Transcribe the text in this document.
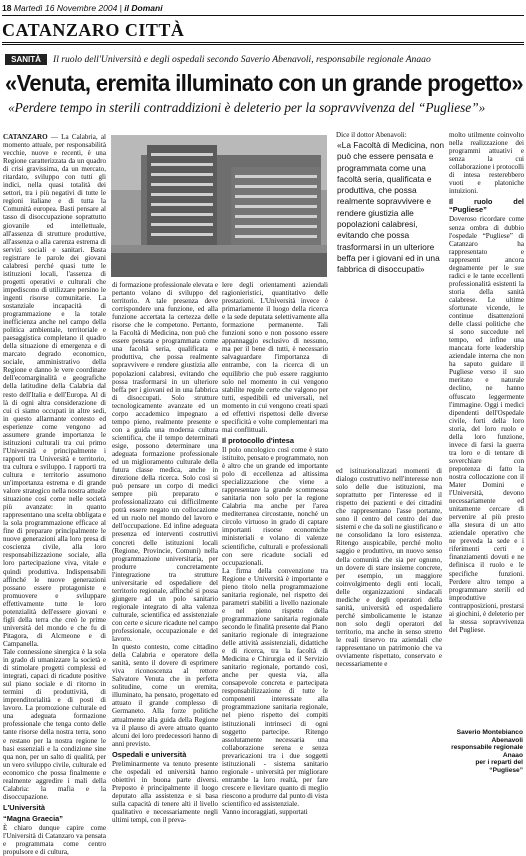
18 Martedì 16 Novembre 2004 | il Domani
CATANZARO CITTÀ
SANITÀ	Il ruolo dell'Università e degli ospedali secondo Saverio Abenavoli, responsabile regionale Anaao
«Venuta, eremita illuminato con un grande progetto»
«Perdere tempo in sterili contraddizioni è deleterio per la sopravvivenza del “Pugliese”»

CATANZARO — La Calabria, al momento attuale, per responsabilità vecchie, nuove e recenti, è una Regione caratterizzata da un quadro di crisi gravissima, da un mercato, ritardato, sviluppo con tutti gli indici, nella quasi totalità dei settori, tra i più negativi di tutte le regioni italiane e di tutta la Comunità europea. Basti pensare al tasso di disoccupazione soprattutto giovanile ed intellettuale, all'assenza di strutture produttive, all'assenza o alla carenza estrema di servizi sociali e sanitari. Basta registrare le parole dei giovani calabresi perché quasi tutte le istituzioni locali, l'assenza di progetti operativi e culturali che impediscono di utilizzare persino le ingenti risorse comunitarie. La sostanziale incapacità di programmazione e la totale inefficienza anche nel campo della politica ambientale, territoriale e paesaggistica completano il quadro della situazione di emergenza e di marcato degrado economico, sociale, amministrativo della Regione e danno le vere coordinate dell'ecomarginalità e geografiche della latitudine della Calabria dal resto dell'Italia e dell'Europa. Al di là di ogni altra considerazione di cui ci siamo occupati in altre sedi, in questo allarmante contesto ed esperienze come vengono ad assumere grande importanza le istituzioni culturali tra cui primo l'Università e principalmente i rapporti tra Università e territorio, tra cultura e sviluppo. I rapporti tra cultura e territorio assumono un'importanza estrema e di grande valore strategico nella nostra attuale situazione così come nelle società più avanzate: in quanto rappresentano una scelta obbligata e la sola programmazione efficace al fine di preparare principalmente le nuove generazioni alla loro presa di coscienza civile, alla loro responsabilizzazione sociale, alla loro partecipazione viva, vitale e quindi produttiva. Indispensabili affinché le nuove generazioni possano essere protagoniste e promuovere e sviluppare effettivamente tutte le loro potenzialità dell'essere giovani e figli della terra che creò le prime università del mondo e che fu di Pitagora, di Alcmeone e di Campanella.

Tale connessione sinergica è la sola in grado di umanizzare la società e di stimolare progetti complessi ed integrati, capaci di ricadute positive sul piano sociale e di ritorno in termini di produttività, di imprenditorialità e di posti di lavoro. La promozione culturale ed una adeguata formazione professionale che tenga conto delle tante risorse della nostra terra, sono e restano per la nostra regione le basi essenziali e la condizione sine qua non, per un salto di qualità, per un vero sviluppo civile, culturale ed economico che possa finalmente e realmente aggredire i mali della Calabria: la mafia e la disoccupazione.

L'Università

“Magna Graecia”

È chiaro dunque capire come l'Università di Catanzaro va pensata e programmata come centro propulsore e di cultura,

di formazione professionale elevata e pertanto volano di sviluppo del territorio. A tale presenza deve corrispondere una funzione, ed alla funzione accertata la certezza delle risorse che le competono. Pertanto, la Facoltà di Medicina, non può che essere pensata e programmata come una facoltà seria, qualificata e produttiva, che possa realmente sopravvivere e rendere giustizia alle popolazioni calabresi, evitando che possa trasformarsi in un ulteriore beffa per i giovani ed in una fabbrica di disoccupati. Solo strutture tecnologicamente avanzate ed un corpo accademico impegnato a tempo pieno, realmente presente e con a guida una moderna cultura scientifica, che il tempo determinati esige, possono determinare una adeguata formazione professionale ed un miglioramento culturale della futura classe medica, anche in direzione della ricerca. Solo così si può pensare un corpo di medici sempre più preparato e professionalizzato cui difficilmente potrà essere negato un collocazione ed un ruolo nel mondo del lavoro e dell'occupazione. Ed infine adeguata presenza ed interventi costruttivi concreti delle istituzioni locali (Regione, Provincie, Comuni) nella programmazione universitaria, per produrre concretamente l'integrazione tra strutture universitarie ed ospedaliere del territorio regionale, affinché si possa giungere ad un polo sanitario regionale integrato di alta valenza culturale, scientifica ed assistenziale con certe e sicure ricadute nel campo professionale, occupazionale e del lavoro.

In questo contesto, come cittadino della Calabria e operatore della sanità, sento il dovere di esprimere viva riconoscenza al rettore Salvatore Venuta che in perfetta solitudine, come un eremita, illuminato, ha pensato, progettato ed attuato il grande complesso di Germaneto. Alla forze politiche attualmente alla guida della Regione va il plauso di avere attuato quanto alcuni dei loro predecessori hanno di anni previsto.

Ospedali e università

Preliminarmente va tenuto presente che ospedali ed università hanno obiettivi in buona parte diversi. Preposto è principalmente il luogo deputato alla assistenza e si basa sulla capacità di tenere alti il livello qualitativo e necessariamente negli ultimi tempi, con il preva-

lere degli orientamenti aziendali ragionieristici, quantitativo delle prestazioni. L'Università invece è primariamente il luogo della ricerca e la sede deputata selettivamente alla formazione permanente. Tali funzioni sono e non possono essere appannaggio esclusivo di nessuno, ma per il bene di tutti, è necessario salvaguardare l'importanza di entrambe, con la ricerca di un equilibrio che può essere raggiunto solo nel momento in cui vengono stabilite regole certe che valgono per tutti, espedibili ed universali, nel momento in cui vengono creati spazi ed effettivi rispettosi delle diverse specificità e volte complementari ma mai conflittuali.

Il protocollo d'intesa

Il polo oncologico così come è stato istituito, pensato e programmato, non è altro che un grande ed importante polo di eccellenza ad altissima specializzazione che viene a rappresentare la grande scommessa sanitaria non solo per la regione Calabria ma anche per l'area mediterranea circostante, nonché un circolo virtuoso in grado di captare importanti risorse economiche ministeriali e volano di valenze scientifiche, culturali e professionali con sere ricadute sociali ed occupazionali.

La firma della convenzione tra Regione e Università è importante e pieno titolo nella programmazione sanitaria regionale, nel rispetto dei parametri stabiliti a livello nazionale e nel pieno rispetto della programmazione sanitaria regionale secondo le finalità presente dal Piano sanitario regionale di integrazione delle attività assistenziali, didattiche e di ricerca, tra la facoltà di Medicina e Chirurgia ed il Servizio sanitario regionale, portando così, anche per questa via, alla consapevole concreta e partecipata responsabilizzazione di tutte le componenti interessate alla programmazione sanitaria regionale, nel pieno rispetto dei compiti istituzionali intrinseci di ogni soggetto partecipe. Ritengo assolutamente necessaria una collaborazione serena e senza prevaricazioni tra i due soggetti istituzionali - sistema sanitario regionale - università per migliorare entrambe la loro realtà, per fare crescere e lievitare quanto di meglio riescono a produrre dal punto di vista scientifico ed assistenziale.

Vanno incoraggiati, supportati

Dice il dottor Abenavoli:

«La Facoltà di Medicina, non può che essere pensata e programmata come una facoltà seria, qualificata e produttiva, che possa realmente sopravvivere e rendere giustizia alle popolazioni calabresi, evitando che possa trasformarsi in un ulteriore beffa per i giovani ed in una fabbrica di disoccupati»

ed istituzionalizzati momenti di dialogo costruttivo nell'interesse non solo delle due istituzioni, ma soprattutto per l'interesse ed il rispetto dei pazienti e dei cittadini che rappresentano l'asse portante, sono il centro del centro dei due sistemi e che da soli ne giustificano e ne consolidano la loro esistenza. Ritengo auspicabile, perché molto saggio e produttivo, un nuovo senso della comunità che sia per ognuno, un dovere di stare insieme concrete, per esempio, un maggiore coinvolgimento degli enti locali, delle organizzazioni sindacali mediche e degli operatori della sanità, università ed ospedaliere perché simbolicamente le istanze non solo degli operatori del territorio, ma anche in senso stretto le reali tirservo tra aziendali che rappresentano un patrimonio che va ovviamente rispettato, conservato e necessariamente e

molto utilmente coinvolto nella realizzazione dei programmi attuativi e senza la cui collaborazione i protocolli di intesa resterebbero vuoti e platoniche intuizioni.

Il ruolo del “Pugliese”

Doveroso ricordare come senza ombra di dubbio l'ospedale “Pugliese” di Catanzaro ha rappresentato e rappresenti ancora degnamente per le sue radici e le tante eccellenti professionalità esistenti la storia della sanità calabrese. Le ultime sfortunate vicende, le continue disattenzioni delle classi politiche che si sono succedute nel tempo, ed infine una mancata forte leadership aziendale interna che non ha saputo guidare il Pugliese verso il suo meritato e naturale declino, ne hanno offuscato leggermente l'immagine. Oggi i medici dipendenti dell'Ospedale civile, forti della loro storia, del loro ruolo e della loro funzione, invece di farsi la guerra tra loro e di tentare di soverchiare con prepotenza di fatto la nostra collocazione con il Mater Domini e l'Università, devono necessariamente ed unitamente cercare di pervenire al più presto alla stesura di un atto aziendale operativo che ne preveda la sede e i riferimenti certi e finanziamenti dovuti e ne definisca il ruolo e le specifiche funzioni. Perdere altro tempo a programmare sterili ed improduttive contrapposizioni, prestarsi ai giochini, è deleterio per la stessa sopravvivenza del Pugliese.

Saverio Montebianco Abenavoli
responsabile regionale Anaao
per i reparti del “Pugliese”
